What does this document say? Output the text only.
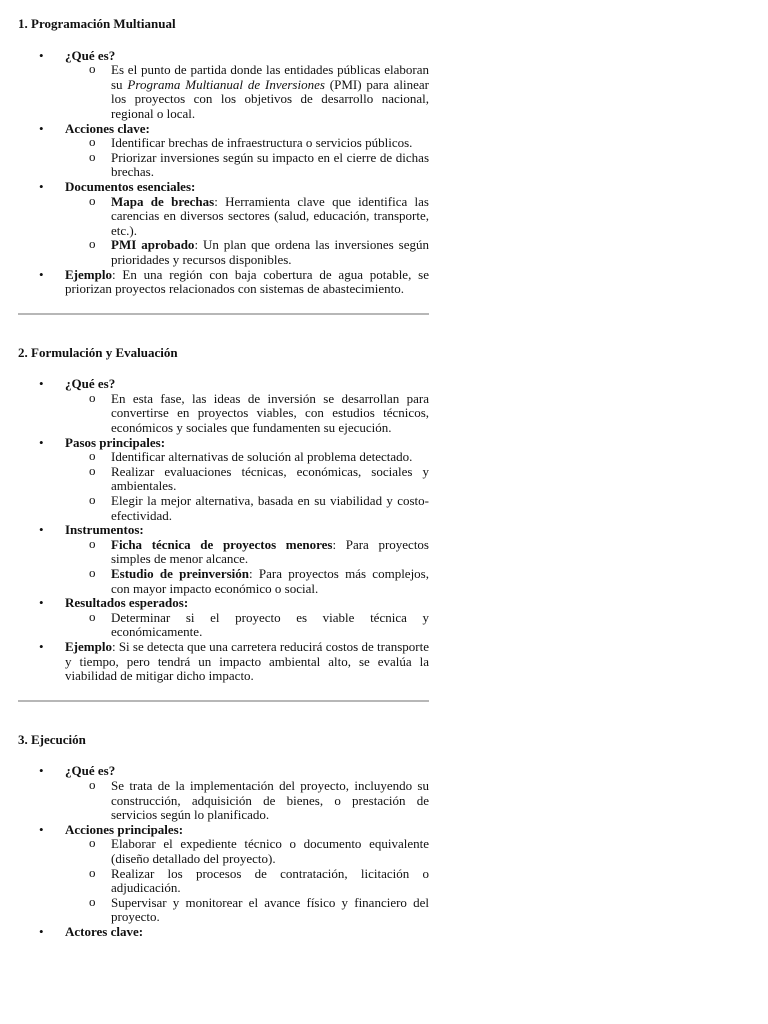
1. Programación Multianual

• ¿Qué es?
o Es el punto de partida donde las entidades públicas elaboran su Programa Multianual de Inversiones (PMI) para alinear los proyectos con los objetivos de desarrollo nacional, regional o local.
• Acciones clave:
o Identificar brechas de infraestructura o servicios públicos.
o Priorizar inversiones según su impacto en el cierre de dichas brechas.
• Documentos esenciales:
o Mapa de brechas: Herramienta clave que identifica las carencias en diversos sectores (salud, educación, transporte, etc.).
o PMI aprobado: Un plan que ordena las inversiones según prioridades y recursos disponibles.
• Ejemplo: En una región con baja cobertura de agua potable, se priorizan proyectos relacionados con sistemas de abastecimiento.

2. Formulación y Evaluación

• ¿Qué es?
o En esta fase, las ideas de inversión se desarrollan para convertirse en proyectos viables, con estudios técnicos, económicos y sociales que fundamenten su ejecución.
• Pasos principales:
o Identificar alternativas de solución al problema detectado.
o Realizar evaluaciones técnicas, económicas, sociales y ambientales.
o Elegir la mejor alternativa, basada en su viabilidad y costo-efectividad.
• Instrumentos:
o Ficha técnica de proyectos menores: Para proyectos simples de menor alcance.
o Estudio de preinversión: Para proyectos más complejos, con mayor impacto económico o social.
• Resultados esperados:
o Determinar si el proyecto es viable técnica y económicamente.
• Ejemplo: Si se detecta que una carretera reducirá costos de transporte y tiempo, pero tendrá un impacto ambiental alto, se evalúa la viabilidad de mitigar dicho impacto.

3. Ejecución

• ¿Qué es?
o Se trata de la implementación del proyecto, incluyendo su construcción, adquisición de bienes, o prestación de servicios según lo planificado.
• Acciones principales:
o Elaborar el expediente técnico o documento equivalente (diseño detallado del proyecto).
o Realizar los procesos de contratación, licitación o adjudicación.
o Supervisar y monitorear el avance físico y financiero del proyecto.
• Actores clave:
